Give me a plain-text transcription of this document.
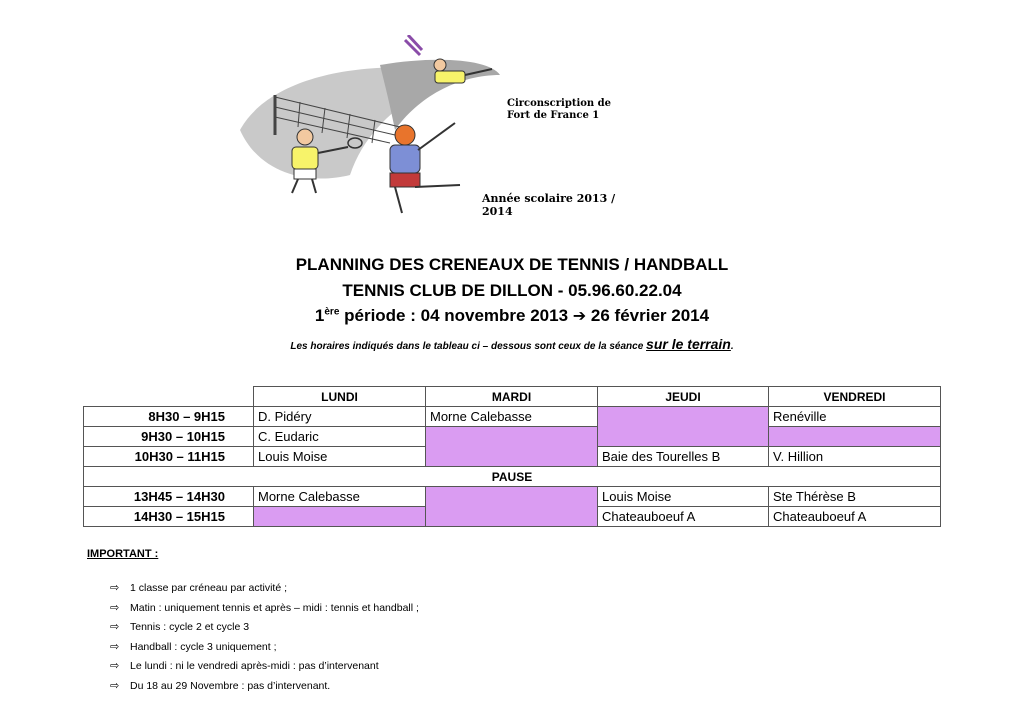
Circonscription de
Fort de France 1
Année scolaire 2013 /
2014
PLANNING DES CRENEAUX DE TENNIS / HANDBALL
TENNIS CLUB DE DILLON - 05.96.60.22.04
1ère période : 04 novembre 2013 ➔ 26 février 2014
Les horaires indiqués dans le tableau ci – dessous sont ceux de la séance sur le terrain.
	LUNDI	MARDI	JEUDI	VENDREDI
8H30 – 9H15	D. Pidéry	Morne Calebasse		Renéville
9H30 – 10H15	C. Eudaric			
10H30 – 11H15	Louis Moise		Baie des Tourelles B	V. Hillion
PAUSE				
13H45 – 14H30	Morne Calebasse		Louis Moise	Ste Thérèse B
14H30 – 15H15			Chateauboeuf A	Chateauboeuf A
IMPORTANT :
⇨ 1 classe par créneau par activité ;
⇨ Matin : uniquement tennis et après – midi : tennis et handball ;
⇨ Tennis : cycle 2 et cycle 3
⇨ Handball : cycle 3 uniquement ;
⇨ Le lundi : ni le vendredi après-midi : pas d’intervenant
⇨ Du 18 au 29 Novembre : pas d’intervenant.
